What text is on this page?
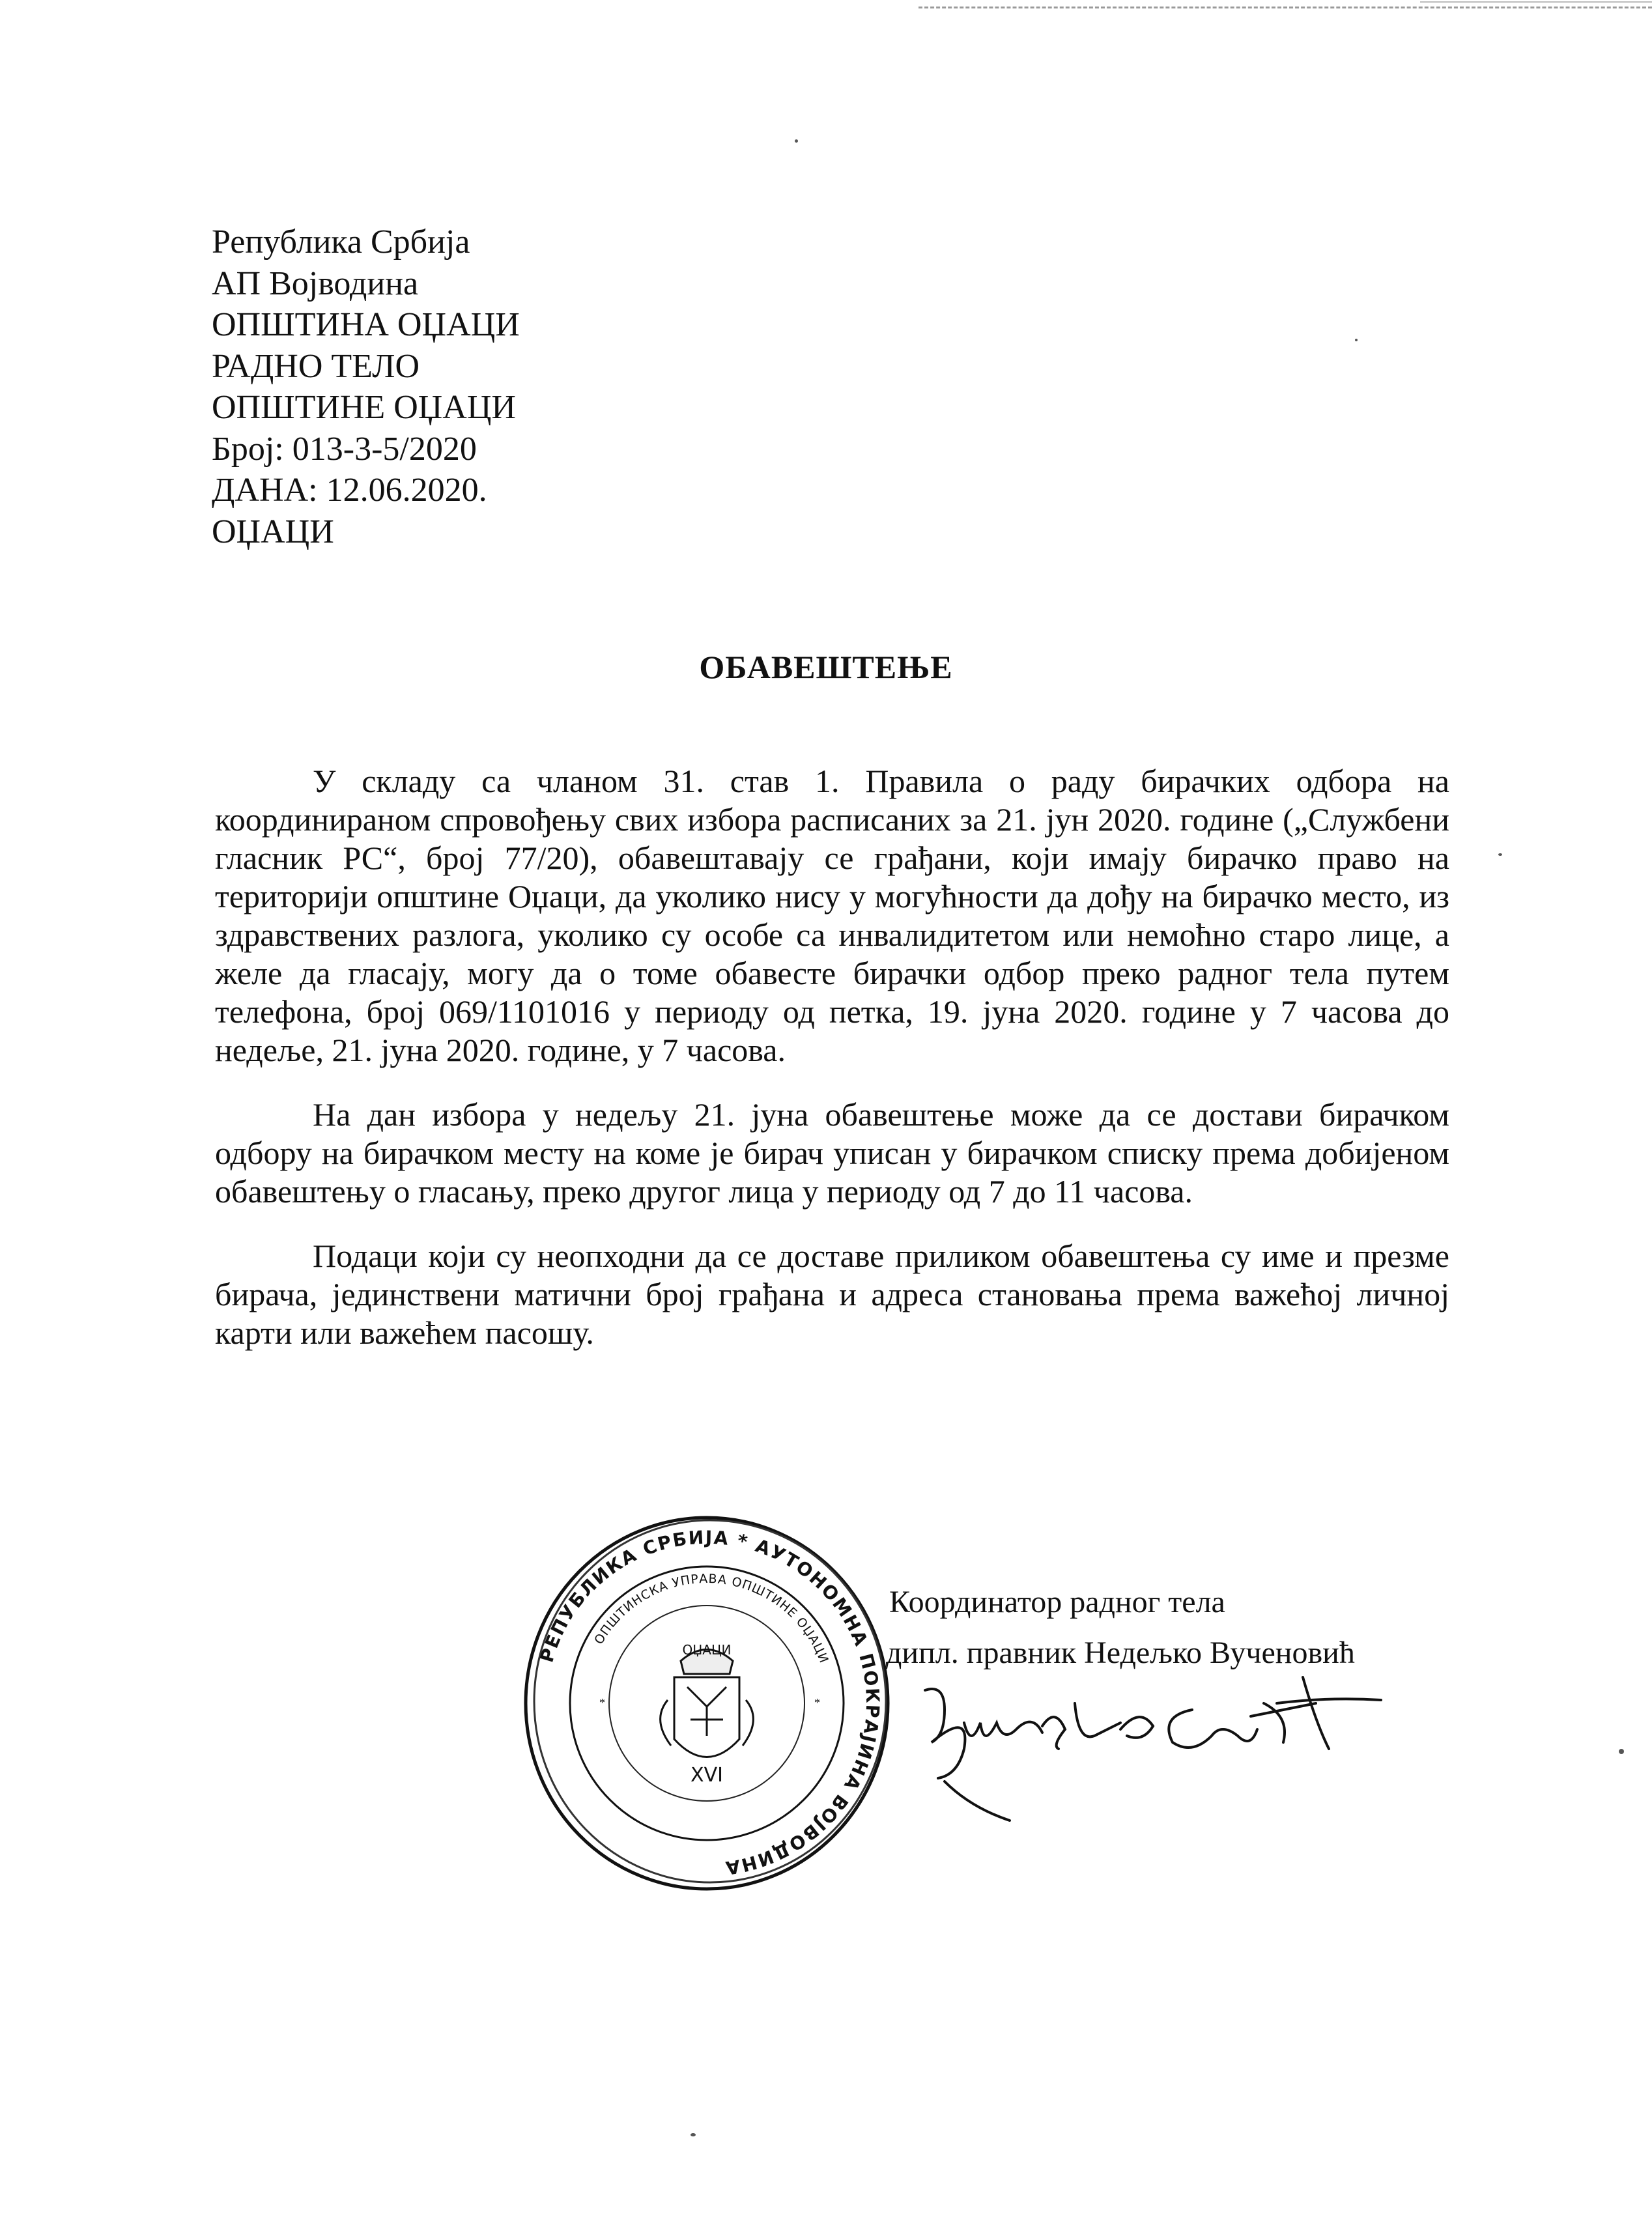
Република Србија
АП Војводина
ОПШТИНА ОЏАЦИ
РАДНО ТЕЛО
ОПШТИНЕ ОЏАЦИ
Број: 013-3-5/2020
ДАНА: 12.06.2020.
ОЏАЦИ
ОБАВЕШТЕЊЕ

У складу са чланом 31. став 1. Правила о раду бирачких одбора на координираном спровођењу свих избора расписаних за 21. јун 2020. године („Службени гласник РС“, број 77/20), обавештавају се грађани, који имају бирачко право на територији општине Оџаци, да уколико нису у могућности да дођу на бирачко место, из здравствених разлога, уколико су особе са инвалидитетом или немоћно старо лице, а желе да гласају, могу да о томе обавесте бирачки одбор преко радног тела путем телефона, број 069/1101016 у периоду од петка, 19. јуна 2020. године у 7 часова до недеље, 21. јуна 2020. године, у 7 часова.

На дан избора у недељу 21. јуна обавештење може да се достави бирачком одбору на бирачком месту на коме је бирач уписан у бирачком списку према добијеном обавештењу о гласању, преко другог лица у периоду од 7 до 11 часова.

Подаци који су неопходни да се доставе приликом обавештења су име и презме бирача, јединствени матични број грађана и адреса становања према важећој личној карти или важећем пасошу.

РЕПУБЛИКА СРБИЈА * АУТОНОМНА ПОКРАЈИНА ВОЈВОДИНА
ОПШТИНСКА УПРАВА ОПШТИНЕ ОЏАЦИ
ОЏАЦИ
XVI
*	*
Координатор радног тела
дипл. правник Недељко Вученовић
